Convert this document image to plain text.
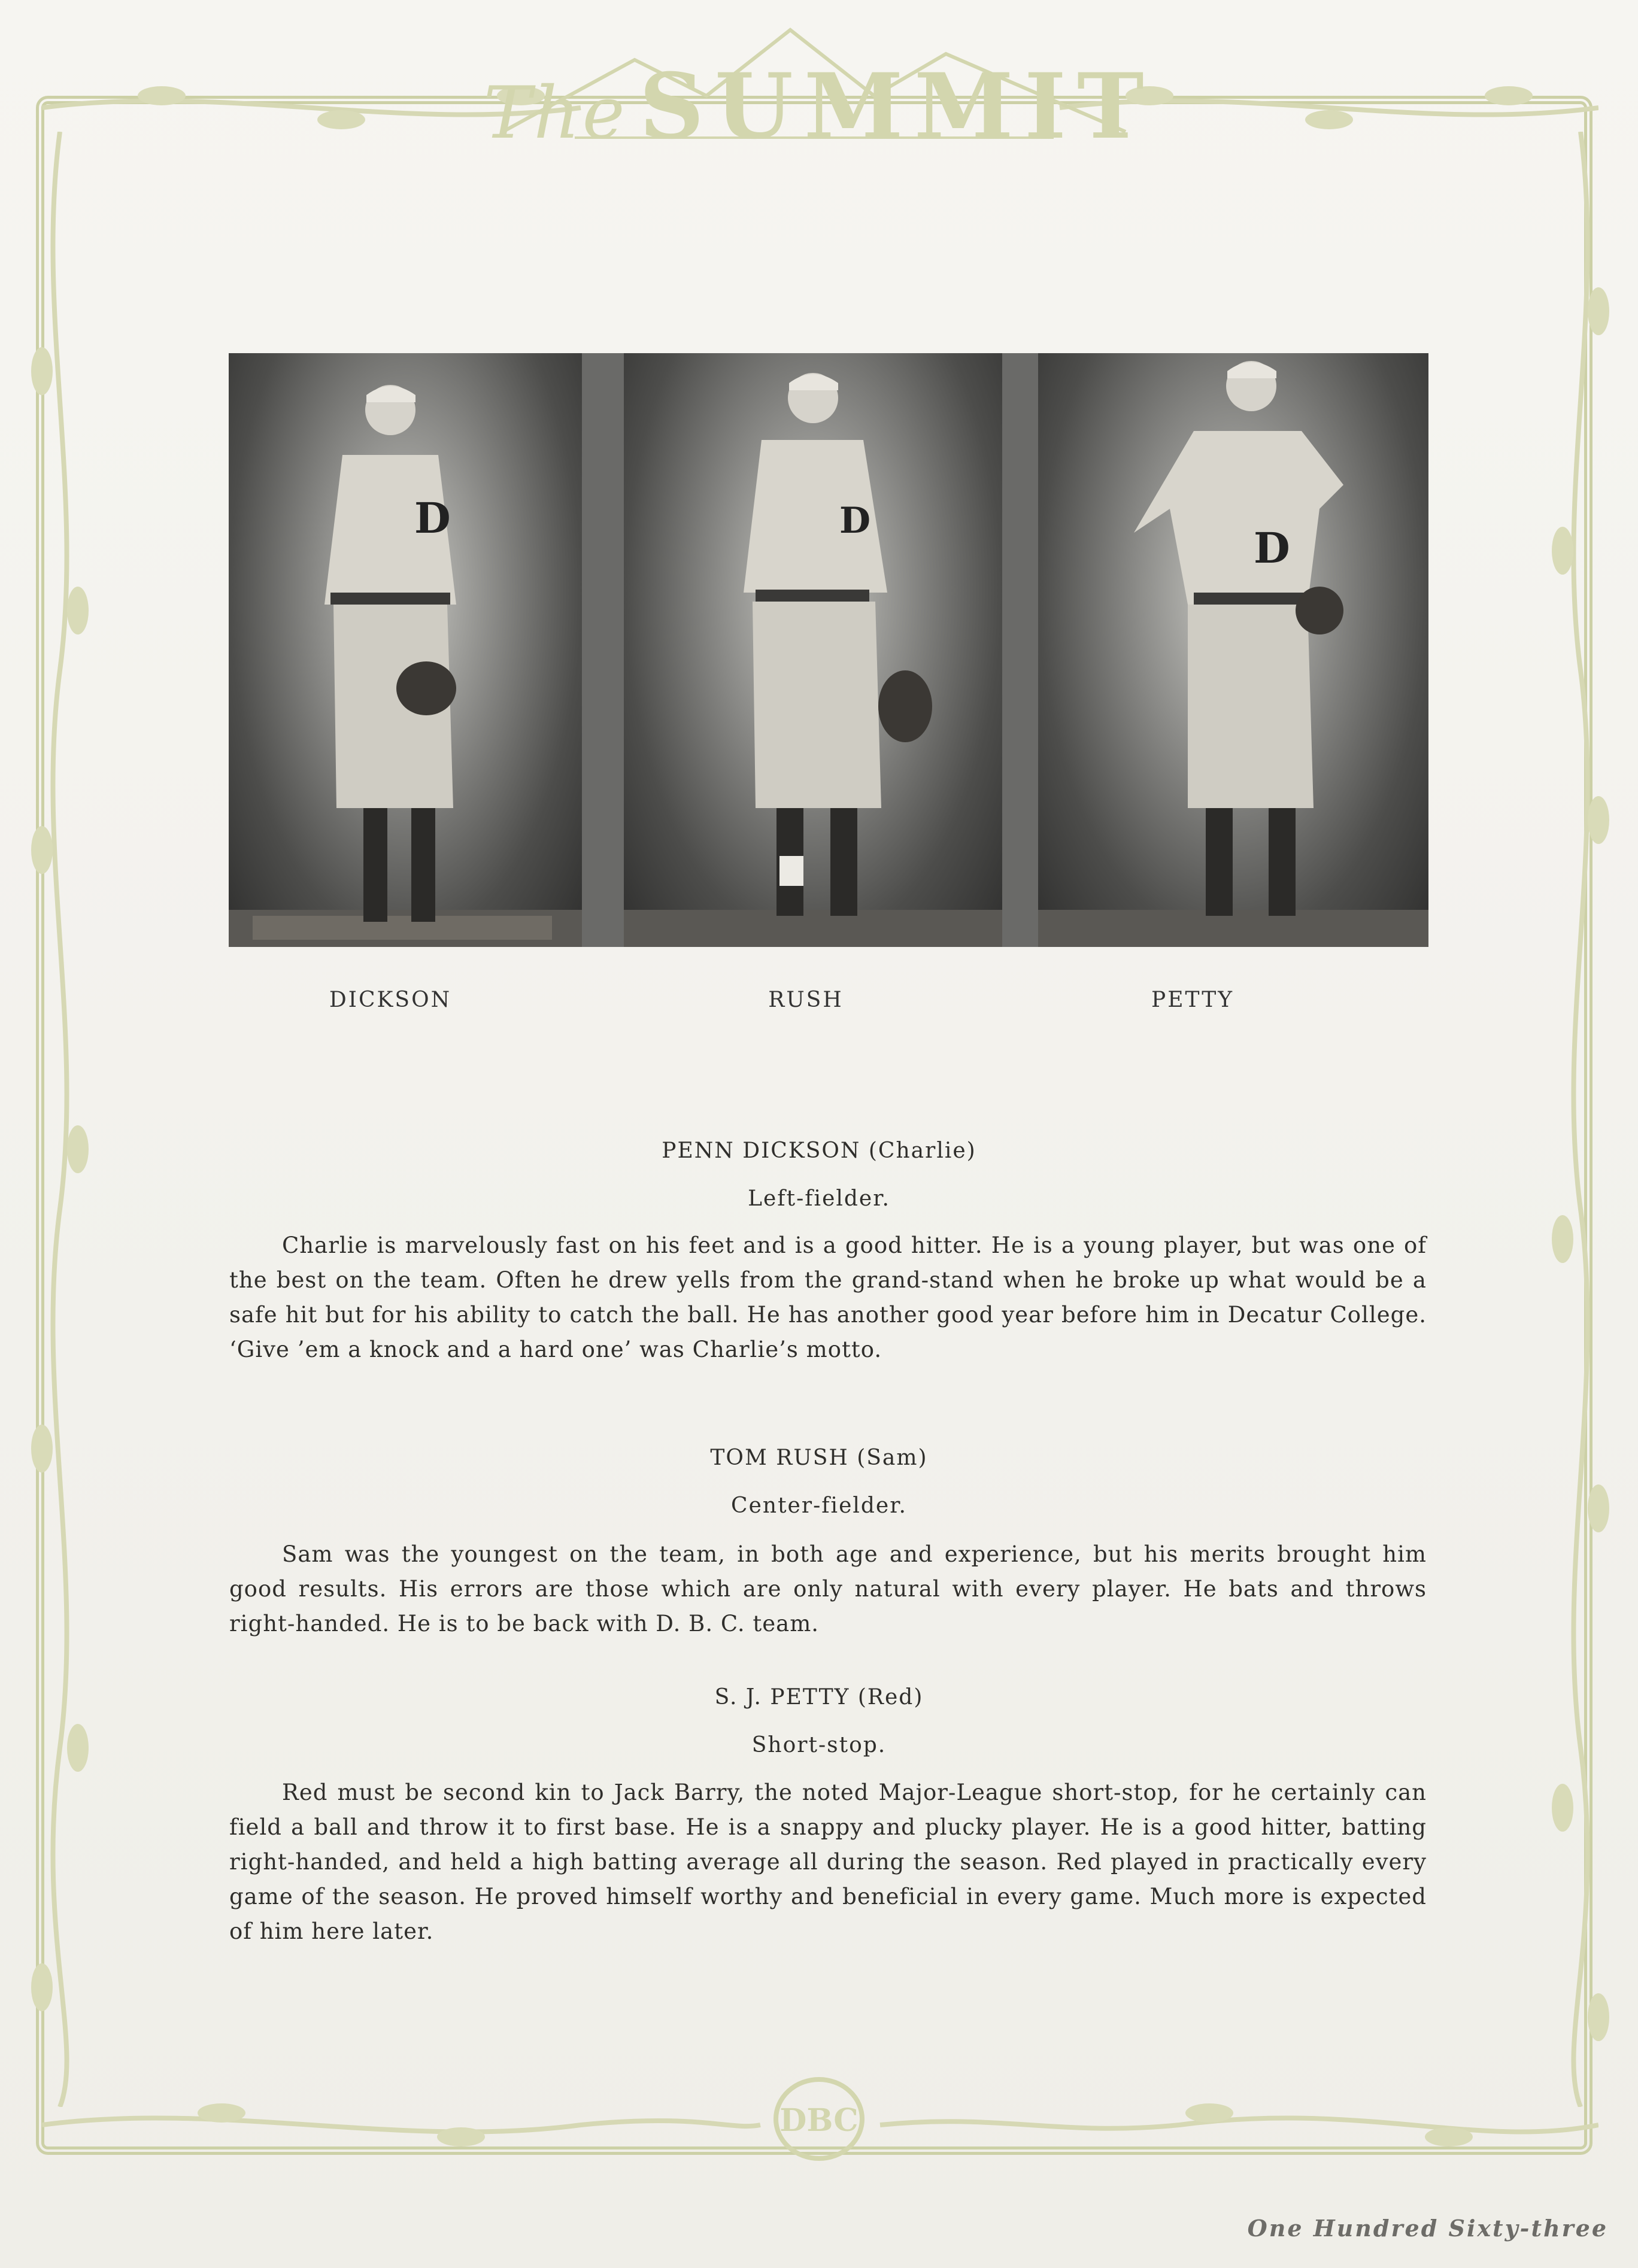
The SUMMIT
D	D
D
DICKSON	RUSH	PETTY
PENN DICKSON (Charlie)
Left-fielder.
Charlie is marvelously fast on his feet and is a good hitter. He is a young player, but was one of the best on the team. Often he drew yells from the grand-stand when he broke up what would be a safe hit but for his ability to catch the ball. He has another good year before him in Decatur College. ‘Give ’em a knock and a hard one’ was Charlie’s motto.
TOM RUSH (Sam)
Center-fielder.
Sam was the youngest on the team, in both age and experience, but his merits brought him good results. His errors are those which are only natural with every player. He bats and throws right-handed. He is to be back with D. B. C. team.
S. J. PETTY (Red)
Short-stop.
Red must be second kin to Jack Barry, the noted Major-League short-stop, for he certainly can field a ball and throw it to first base. He is a snappy and plucky player. He is a good hitter, batting right-handed, and held a high batting average all during the season. Red played in practically every game of the season. He proved himself worthy and beneficial in every game. Much more is expected of him here later.
DBC
One Hundred Sixty-three
